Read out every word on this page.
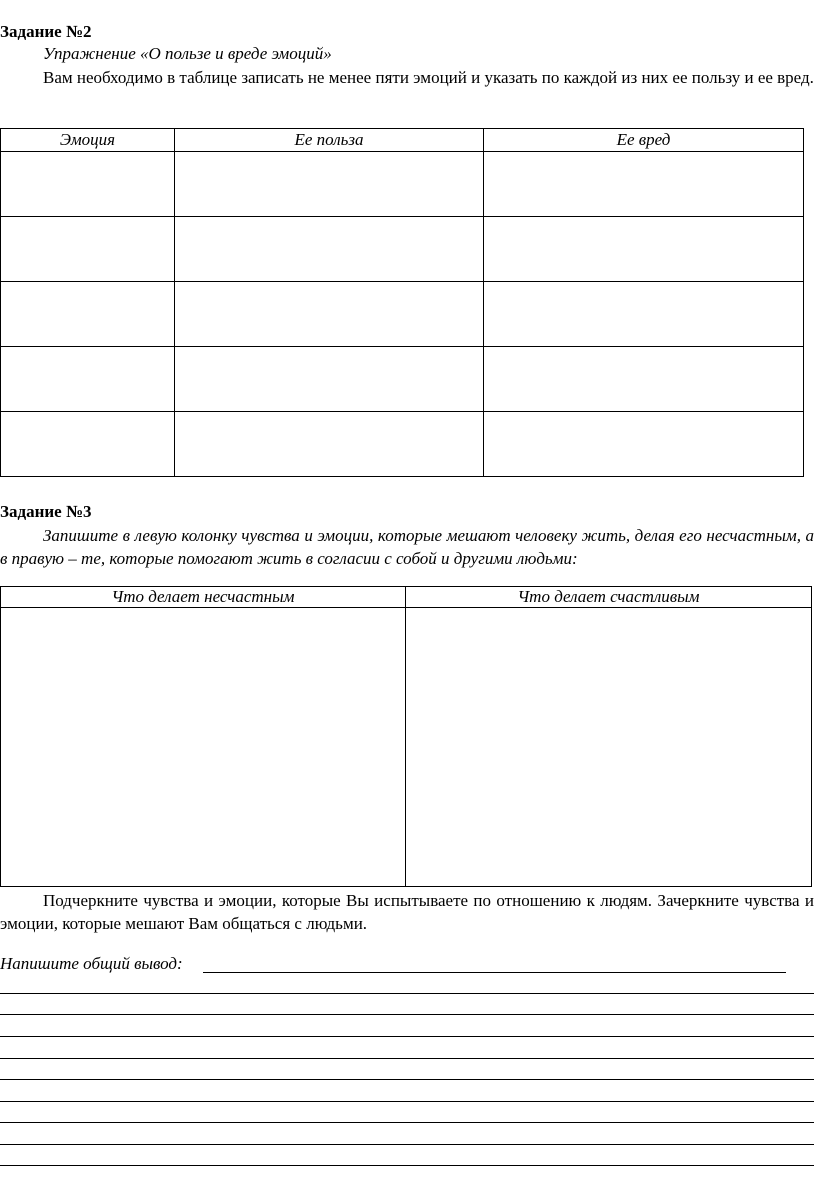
Задание №2
Упражнение «О пользе и вреде эмоций»
Вам необходимо в таблице записать не менее пяти эмоций и указать по каждой из них ее пользу и ее вред.
Эмоция	Ее польза	Ее вред

Задание №3
Запишите в левую колонку чувства и эмоции, которые мешают человеку жить, делая его несчастным, а в правую – те, которые помогают жить в согласии с собой и другими людьми:
Что делает несчастным	Что делает счастливым

Подчеркните чувства и эмоции, которые Вы испытываете по отношению к людям. Зачеркните чувства и эмоции, которые мешают Вам общаться с людьми.
Напишите общий вывод:
